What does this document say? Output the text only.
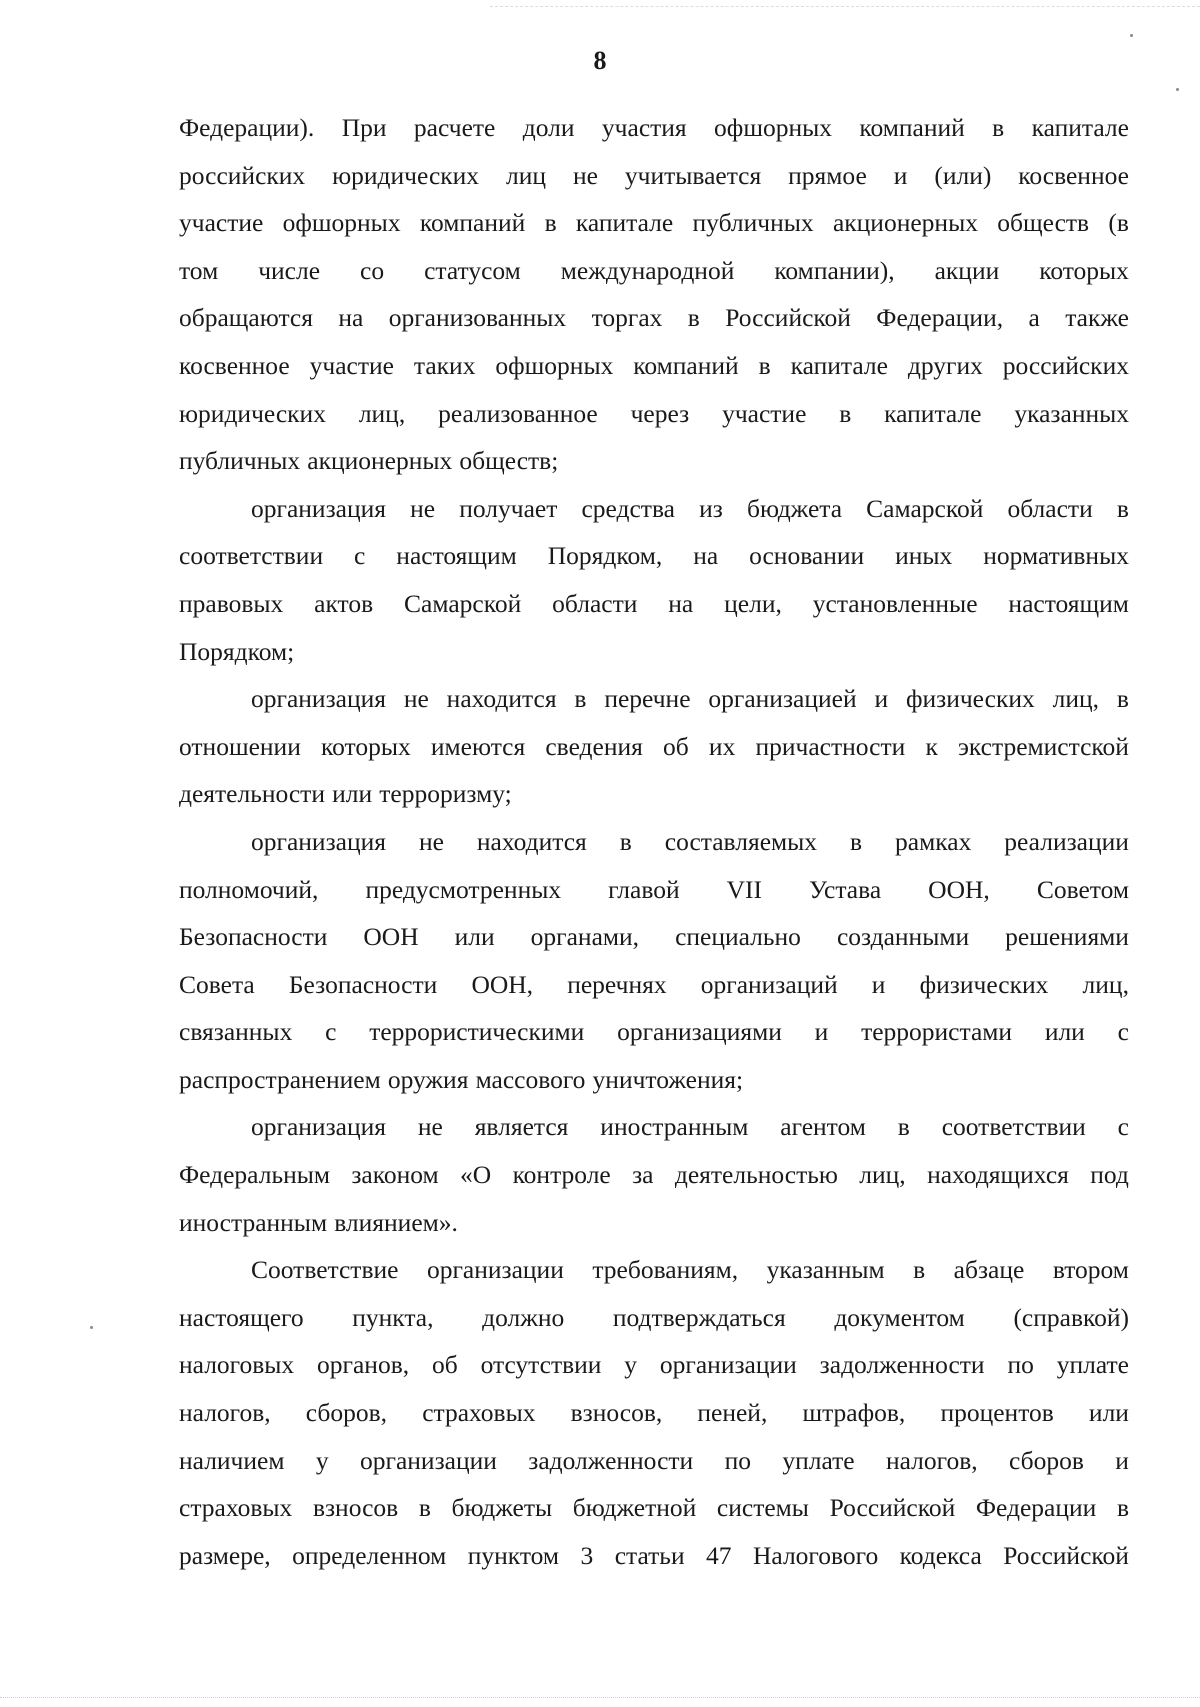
8
Федерации). При расчете доли участия офшорных компаний в капитале
российских юридических лиц не учитывается прямое и (или) косвенное
участие офшорных компаний в капитале публичных акционерных обществ (в
том числе со статусом международной компании), акции которых
обращаются на организованных торгах в Российской Федерации, а также
косвенное участие таких офшорных компаний в капитале других российских
юридических лиц, реализованное через участие в капитале указанных
публичных акционерных обществ;
организация не получает средства из бюджета Самарской области в
соответствии с настоящим Порядком, на основании иных нормативных
правовых актов Самарской области на цели, установленные настоящим
Порядком;
организация не находится в перечне организацией и физических лиц, в
отношении которых имеются сведения об их причастности к экстремистской
деятельности или терроризму;
организация не находится в составляемых в рамках реализации
полномочий, предусмотренных главой VII Устава ООН, Советом
Безопасности ООН или органами, специально созданными решениями
Совета Безопасности ООН, перечнях организаций и физических лиц,
связанных с террористическими организациями и террористами или с
распространением оружия массового уничтожения;
организация не является иностранным агентом в соответствии с
Федеральным законом «О контроле за деятельностью лиц, находящихся под
иностранным влиянием».
Соответствие организации требованиям, указанным в абзаце втором
настоящего пункта, должно подтверждаться документом (справкой)
налоговых органов, об отсутствии у организации задолженности по уплате
налогов, сборов, страховых взносов, пеней, штрафов, процентов или
наличием у организации задолженности по уплате налогов, сборов и
страховых взносов в бюджеты бюджетной системы Российской Федерации в
размере, определенном пунктом 3 статьи 47 Налогового кодекса Российской
